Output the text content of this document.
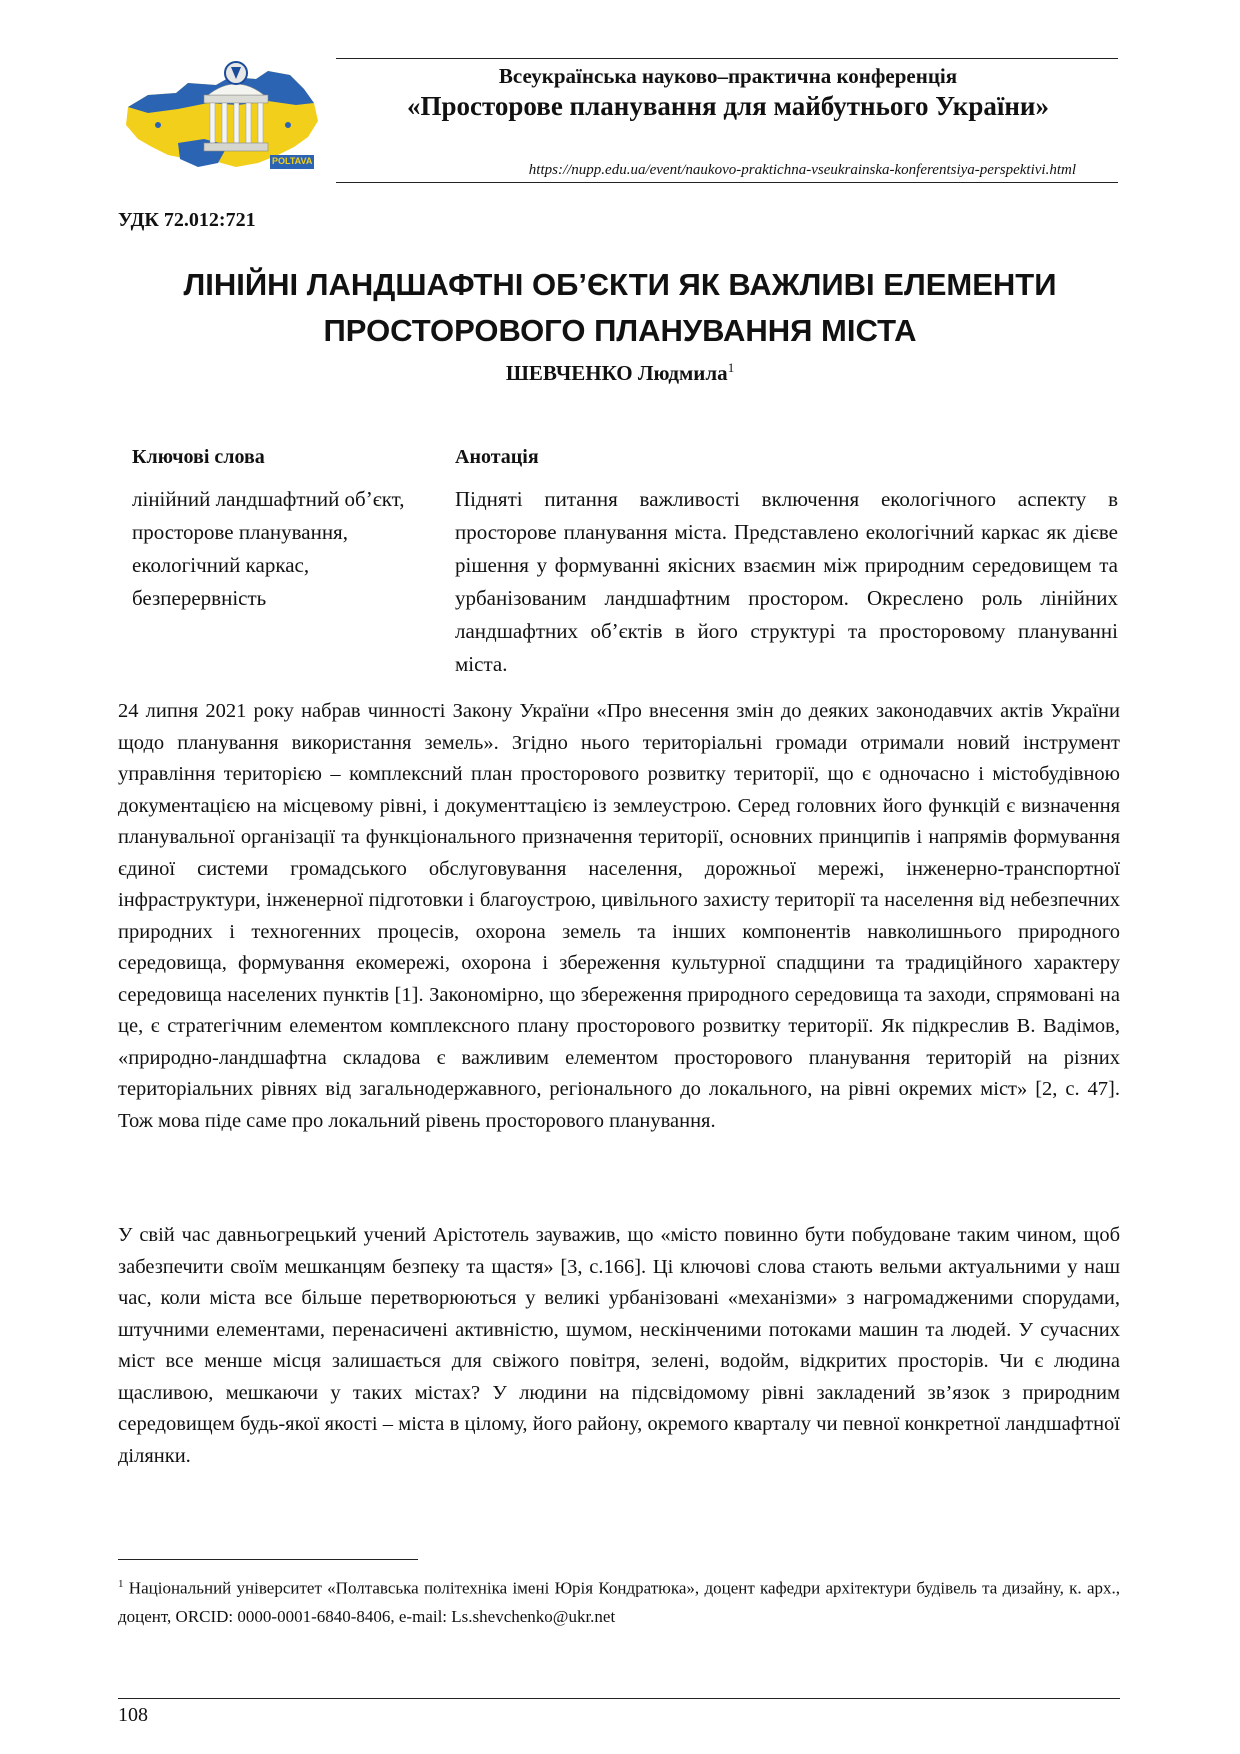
POLTAVA
Всеукраїнська науково–практична конференція
«Просторове планування для майбутнього України»
https://nupp.edu.ua/event/naukovo-praktichna-vseukrainska-konferentsiya-perspektivi.html
УДК 72.012:721
ЛІНІЙНІ ЛАНДШАФТНІ ОБ’ЄКТИ ЯК ВАЖЛИВІ ЕЛЕМЕНТИ
ПРОСТОРОВОГО ПЛАНУВАННЯ МІСТА
ШЕВЧЕНКО Людмила$^1$
Ключові слова
лінійний ландшафтний об’єкт, просторове планування, екологічний каркас, безперервність
Анотація
Підняті питання важливості включення екологічного аспекту в просторове планування міста. Представлено екологічний каркас як дієве рішення у формуванні якісних взаємин між природним середовищем та урбанізованим ландшафтним простором. Окреслено роль лінійних ландшафтних об’єктів в його структурі та просторовому плануванні міста.
24 липня 2021 року набрав чинності Закону України «Про внесення змін до деяких законодавчих актів України щодо планування використання земель». Згідно нього територіальні громади отримали новий інструмент управління територією – комплексний план просторового розвитку території, що є одночасно і містобудівною документацією на місцевому рівні, і документтацією із землеустрою. Серед головних його функцій є визначення планувальної організації та функціонального призначення території, основних принципів і напрямів формування єдиної системи громадського обслуговування населення, дорожньої мережі, інженерно-транспортної інфраструктури, інженерної підготовки і благоустрою, цивільного захисту території та населення від небезпечних природних і техногенних процесів, охорона земель та інших компонентів навколишнього природного середовища, формування екомережі, охорона і збереження культурної спадщини та традиційного характеру середовища населених пунктів [1]. Закономірно, що збереження природного середовища та заходи, спрямовані на це, є стратегічним елементом комплексного плану просторового розвитку території. Як підкреслив В. Вадімов, «природно-ландшафтна складова є важливим елементом просторового планування територій на різних територіальних рівнях від загальнодержавного, регіонального до локального, на рівні окремих міст» [2, с. 47]. Тож мова піде саме про локальний рівень просторового планування.
У свій час давньогрецький учений Арістотель зауважив, що «місто повинно бути побудоване таким чином, щоб забезпечити своїм мешканцям безпеку та щастя» [3, с.166]. Ці ключові слова стають вельми актуальними у наш час, коли міста все більше перетворюються у великі урбанізовані «механізми» з нагромадженими спорудами, штучними елементами, перенасичені активністю, шумом, нескінченими потоками машин та людей. У сучасних міст все менше місця залишається для свіжого повітря, зелені, водойм, відкритих просторів. Чи є людина щасливою, мешкаючи у таких містах? У людини на підсвідомому рівні закладений зв’язок з природним середовищем будь-якої якості – міста в цілому, його району, окремого кварталу чи певної конкретної ландшафтної ділянки.
$^1$ Національний університет «Полтавська політехніка імені Юрія Кондратюка», доцент кафедри архітектури будівель та дизайну, к. арх., доцент, ORCID: 0000-0001-6840-8406, e-mail: Ls.shevchenko@ukr.net
108
